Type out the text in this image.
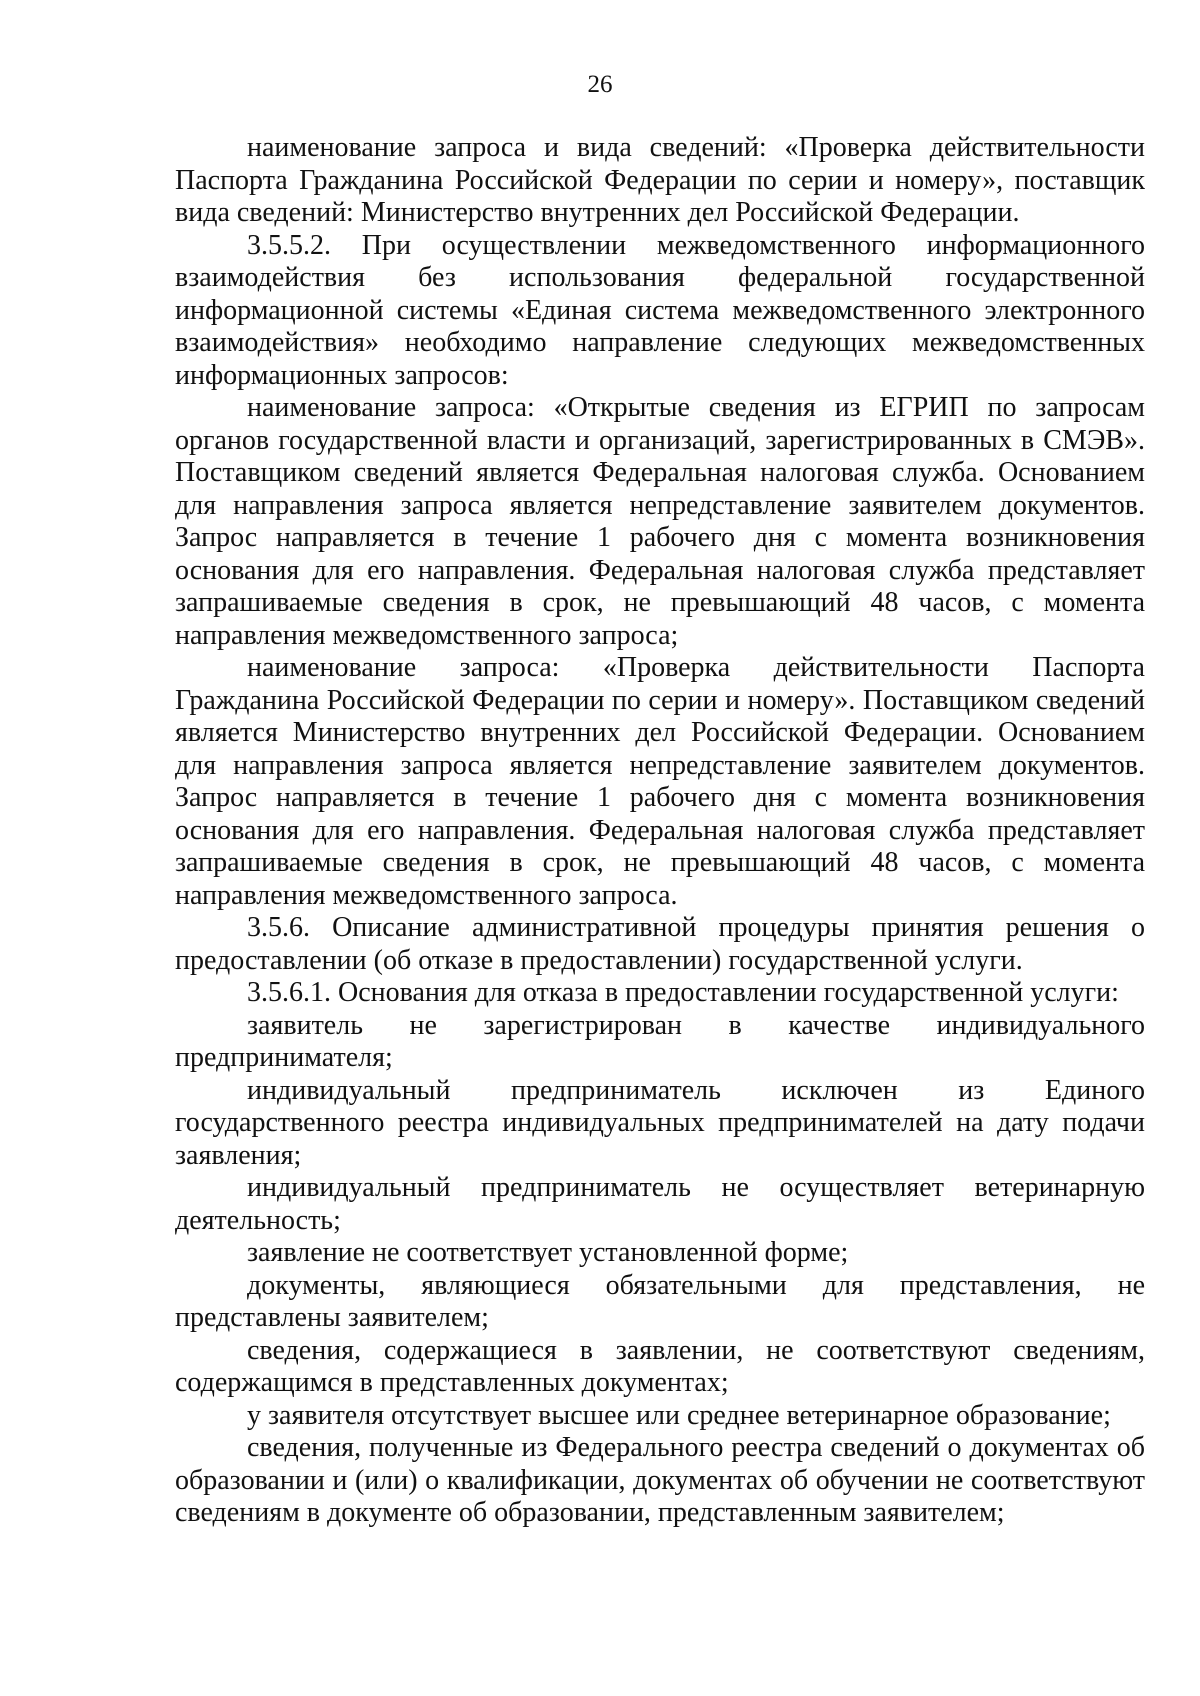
26

наименование запроса и вида сведений: «Проверка действительности Паспорта Гражданина Российской Федерации по серии и номеру», поставщик вида сведений: Министерство внутренних дел Российской Федерации.

3.5.5.2. При осуществлении межведомственного информационного взаимодействия без использования федеральной государственной информационной системы «Единая система межведомственного электронного взаимодействия» необходимо направление следующих межведомственных информационных запросов:

наименование запроса: «Открытые сведения из ЕГРИП по запросам органов государственной власти и организаций, зарегистрированных в СМЭВ». Поставщиком сведений является Федеральная налоговая служба. Основанием для направления запроса является непредставление заявителем документов. Запрос направляется в течение 1 рабочего дня с момента возникновения основания для его направления. Федеральная налоговая служба представляет запрашиваемые сведения в срок, не превышающий 48 часов, с момента направления межведомственного запроса;

наименование запроса: «Проверка действительности Паспорта Гражданина Российской Федерации по серии и номеру». Поставщиком сведений является Министерство внутренних дел Российской Федерации. Основанием для направления запроса является непредставление заявителем документов. Запрос направляется в течение 1 рабочего дня с момента возникновения основания для его направления. Федеральная налоговая служба представляет запрашиваемые сведения в срок, не превышающий 48 часов, с момента направления межведомственного запроса.

3.5.6. Описание административной процедуры принятия решения о предоставлении (об отказе в предоставлении) государственной услуги.

3.5.6.1. Основания для отказа в предоставлении государственной услуги:

заявитель не зарегистрирован в качестве индивидуального предпринимателя;

индивидуальный предприниматель исключен из Единого государственного реестра индивидуальных предпринимателей на дату подачи заявления;

индивидуальный предприниматель не осуществляет ветеринарную деятельность;

заявление не соответствует установленной форме;

документы, являющиеся обязательными для представления, не представлены заявителем;

сведения, содержащиеся в заявлении, не соответствуют сведениям, содержащимся в представленных документах;

у заявителя отсутствует высшее или среднее ветеринарное образование;

сведения, полученные из Федерального реестра сведений о документах об образовании и (или) о квалификации, документах об обучении не соответствуют сведениям в документе об образовании, представленным заявителем;
